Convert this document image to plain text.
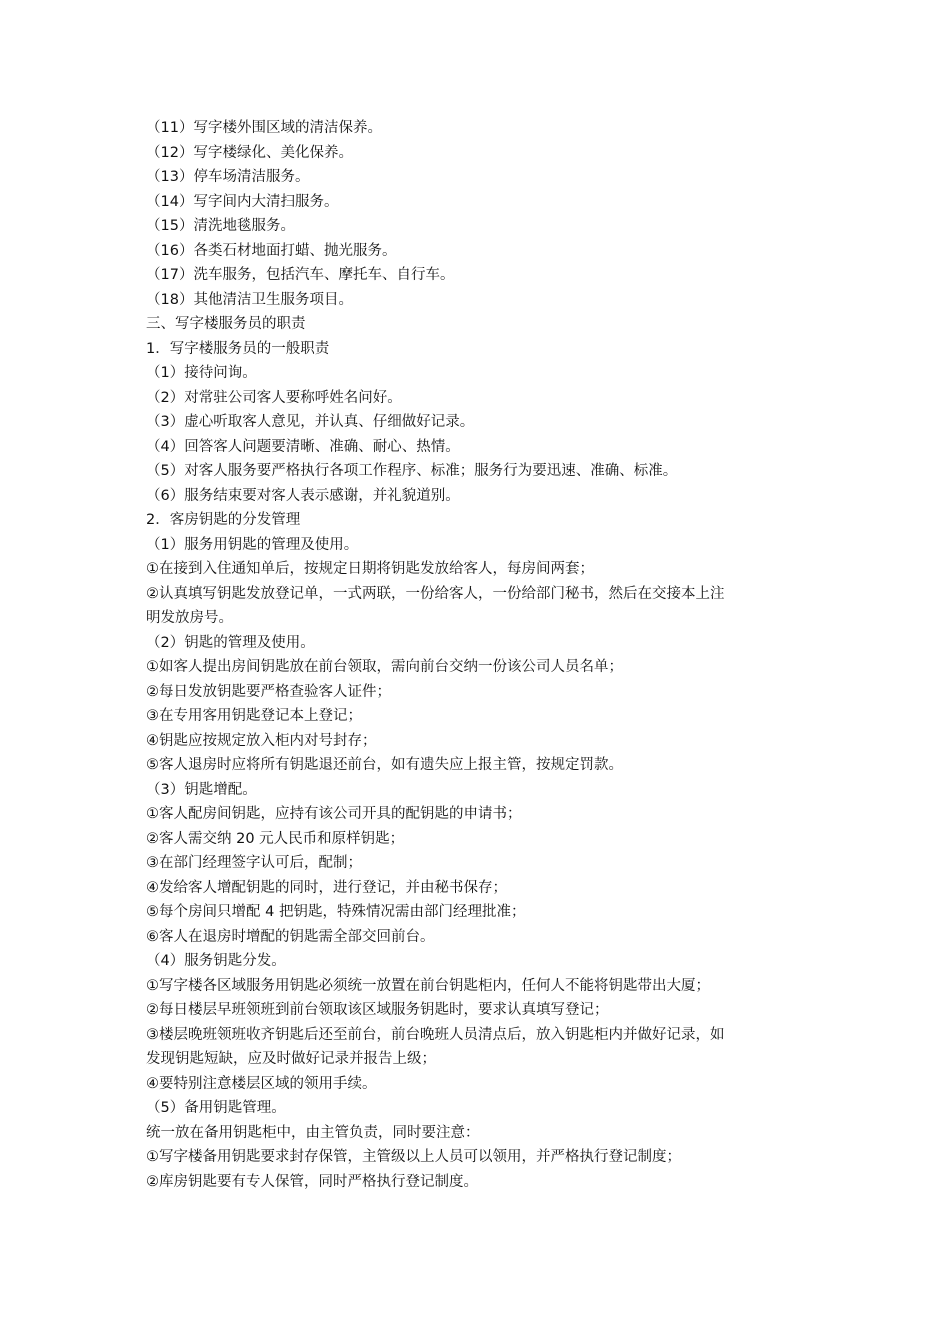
（11）写字楼外围区域的清洁保养。

（12）写字楼绿化、美化保养。

（13）停车场清洁服务。

（14）写字间内大清扫服务。

（15）清洗地毯服务。

（16）各类石材地面打蜡、抛光服务。

（17）洗车服务，包括汽车、摩托车、自行车。

（18）其他清洁卫生服务项目。

三、写字楼服务员的职责

1．写字楼服务员的一般职责

（1）接待问询。

（2）对常驻公司客人要称呼姓名问好。

（3）虚心听取客人意见，并认真、仔细做好记录。

（4）回答客人问题要清晰、准确、耐心、热情。

（5）对客人服务要严格执行各项工作程序、标准；服务行为要迅速、准确、标准。

（6）服务结束要对客人表示感谢，并礼貌道别。

2．客房钥匙的分发管理

（1）服务用钥匙的管理及使用。

①在接到入住通知单后，按规定日期将钥匙发放给客人，每房间两套；

②认真填写钥匙发放登记单，一式两联，一份给客人，一份给部门秘书，然后在交接本上注

明发放房号。

（2）钥匙的管理及使用。

①如客人提出房间钥匙放在前台领取，需向前台交纳一份该公司人员名单；

②每日发放钥匙要严格查验客人证件；

③在专用客用钥匙登记本上登记；

④钥匙应按规定放入柜内对号封存；

⑤客人退房时应将所有钥匙退还前台，如有遗失应上报主管，按规定罚款。

（3）钥匙增配。

①客人配房间钥匙，应持有该公司开具的配钥匙的申请书；

②客人需交纳 20 元人民币和原样钥匙；

③在部门经理签字认可后，配制；

④发给客人增配钥匙的同时，进行登记，并由秘书保存；

⑤每个房间只增配 4 把钥匙，特殊情况需由部门经理批准；

⑥客人在退房时增配的钥匙需全部交回前台。

（4）服务钥匙分发。

①写字楼各区域服务用钥匙必须统一放置在前台钥匙柜内，任何人不能将钥匙带出大厦；

②每日楼层早班领班到前台领取该区域服务钥匙时，要求认真填写登记；

③楼层晚班领班收齐钥匙后还至前台，前台晚班人员清点后，放入钥匙柜内并做好记录，如

发现钥匙短缺，应及时做好记录并报告上级；

④要特别注意楼层区域的领用手续。

（5）备用钥匙管理。

统一放在备用钥匙柜中，由主管负责，同时要注意：

①写字楼备用钥匙要求封存保管，主管级以上人员可以领用，并严格执行登记制度；

②库房钥匙要有专人保管，同时严格执行登记制度。
